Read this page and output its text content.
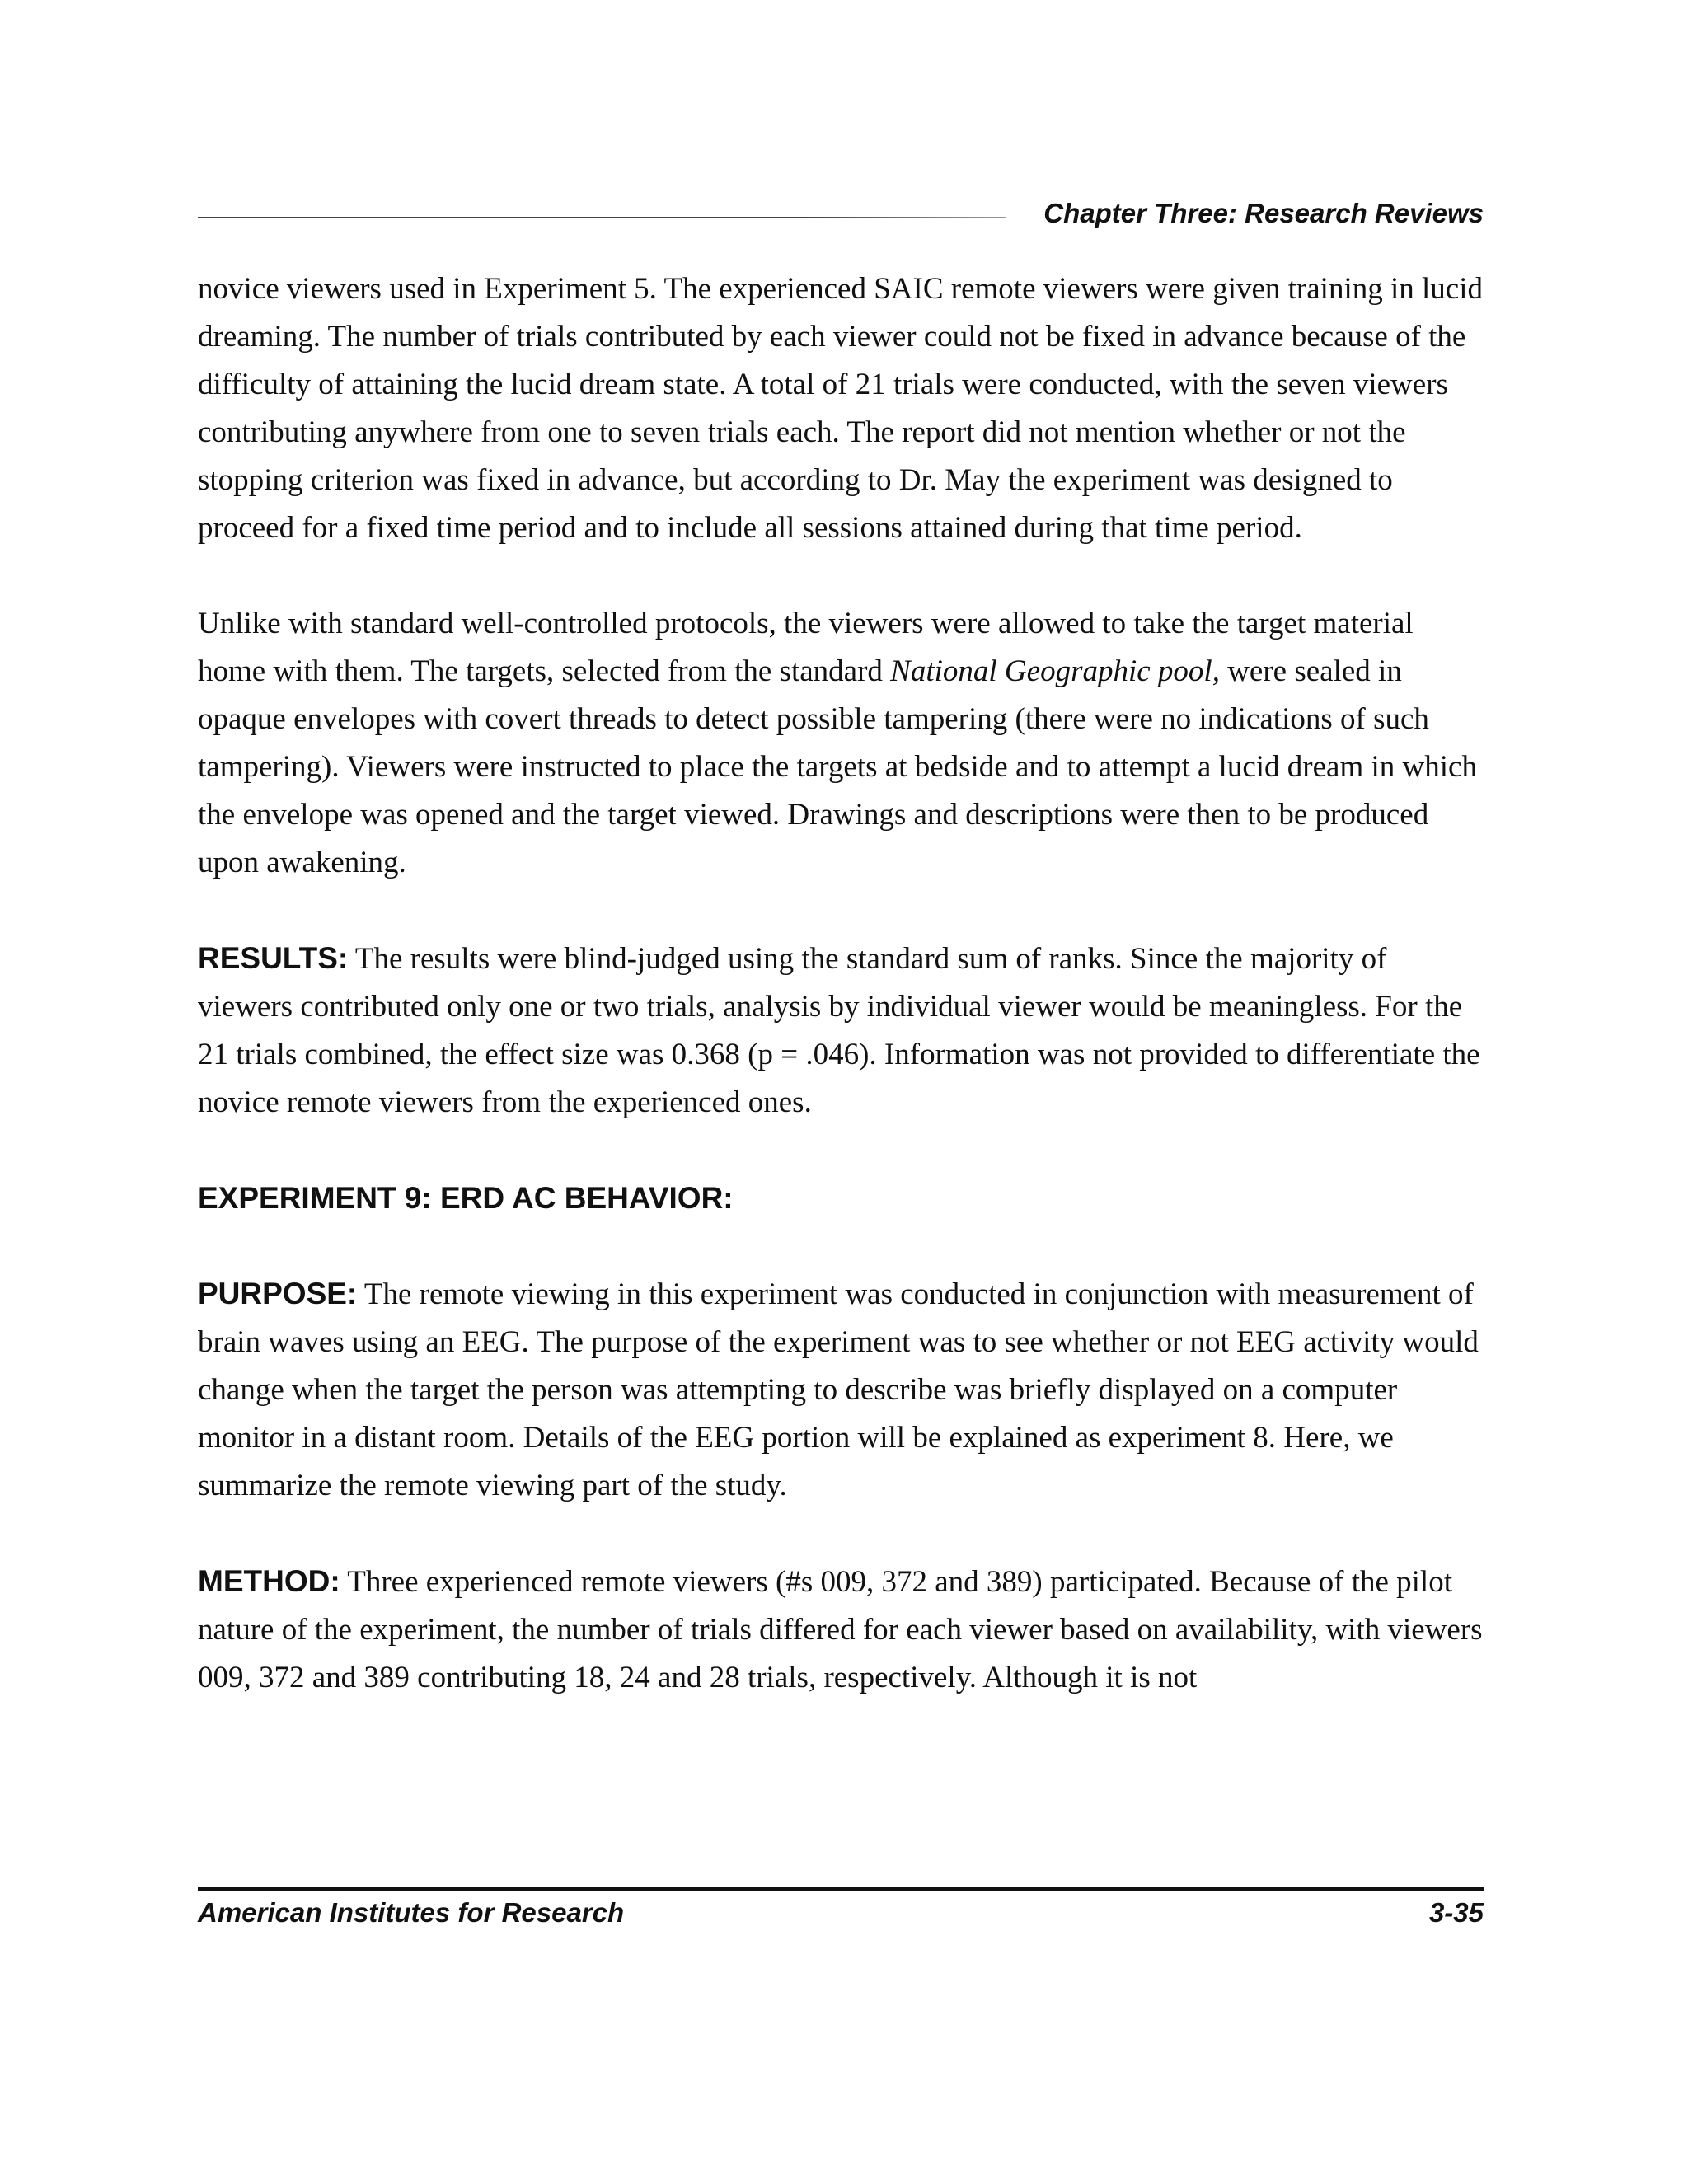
Chapter Three: Research Reviews

novice viewers used in Experiment 5. The experienced SAIC remote viewers were given training in lucid dreaming. The number of trials contributed by each viewer could not be fixed in advance because of the difficulty of attaining the lucid dream state. A total of 21 trials were conducted, with the seven viewers contributing anywhere from one to seven trials each. The report did not mention whether or not the stopping criterion was fixed in advance, but according to Dr. May the experiment was designed to proceed for a fixed time period and to include all sessions attained during that time period.

Unlike with standard well-controlled protocols, the viewers were allowed to take the target material home with them. The targets, selected from the standard National Geographic pool, were sealed in opaque envelopes with covert threads to detect possible tampering (there were no indications of such tampering). Viewers were instructed to place the targets at bedside and to attempt a lucid dream in which the envelope was opened and the target viewed. Drawings and descriptions were then to be produced upon awakening.

RESULTS: The results were blind-judged using the standard sum of ranks. Since the majority of viewers contributed only one or two trials, analysis by individual viewer would be meaningless. For the 21 trials combined, the effect size was 0.368 (p = .046). Information was not provided to differentiate the novice remote viewers from the experienced ones.

EXPERIMENT 9: ERD AC BEHAVIOR:

PURPOSE: The remote viewing in this experiment was conducted in conjunction with measurement of brain waves using an EEG. The purpose of the experiment was to see whether or not EEG activity would change when the target the person was attempting to describe was briefly displayed on a computer monitor in a distant room. Details of the EEG portion will be explained as experiment 8. Here, we summarize the remote viewing part of the study.

METHOD: Three experienced remote viewers (#s 009, 372 and 389) participated. Because of the pilot nature of the experiment, the number of trials differed for each viewer based on availability, with viewers 009, 372 and 389 contributing 18, 24 and 28 trials, respectively. Although it is not

American Institutes for Research	3-35
